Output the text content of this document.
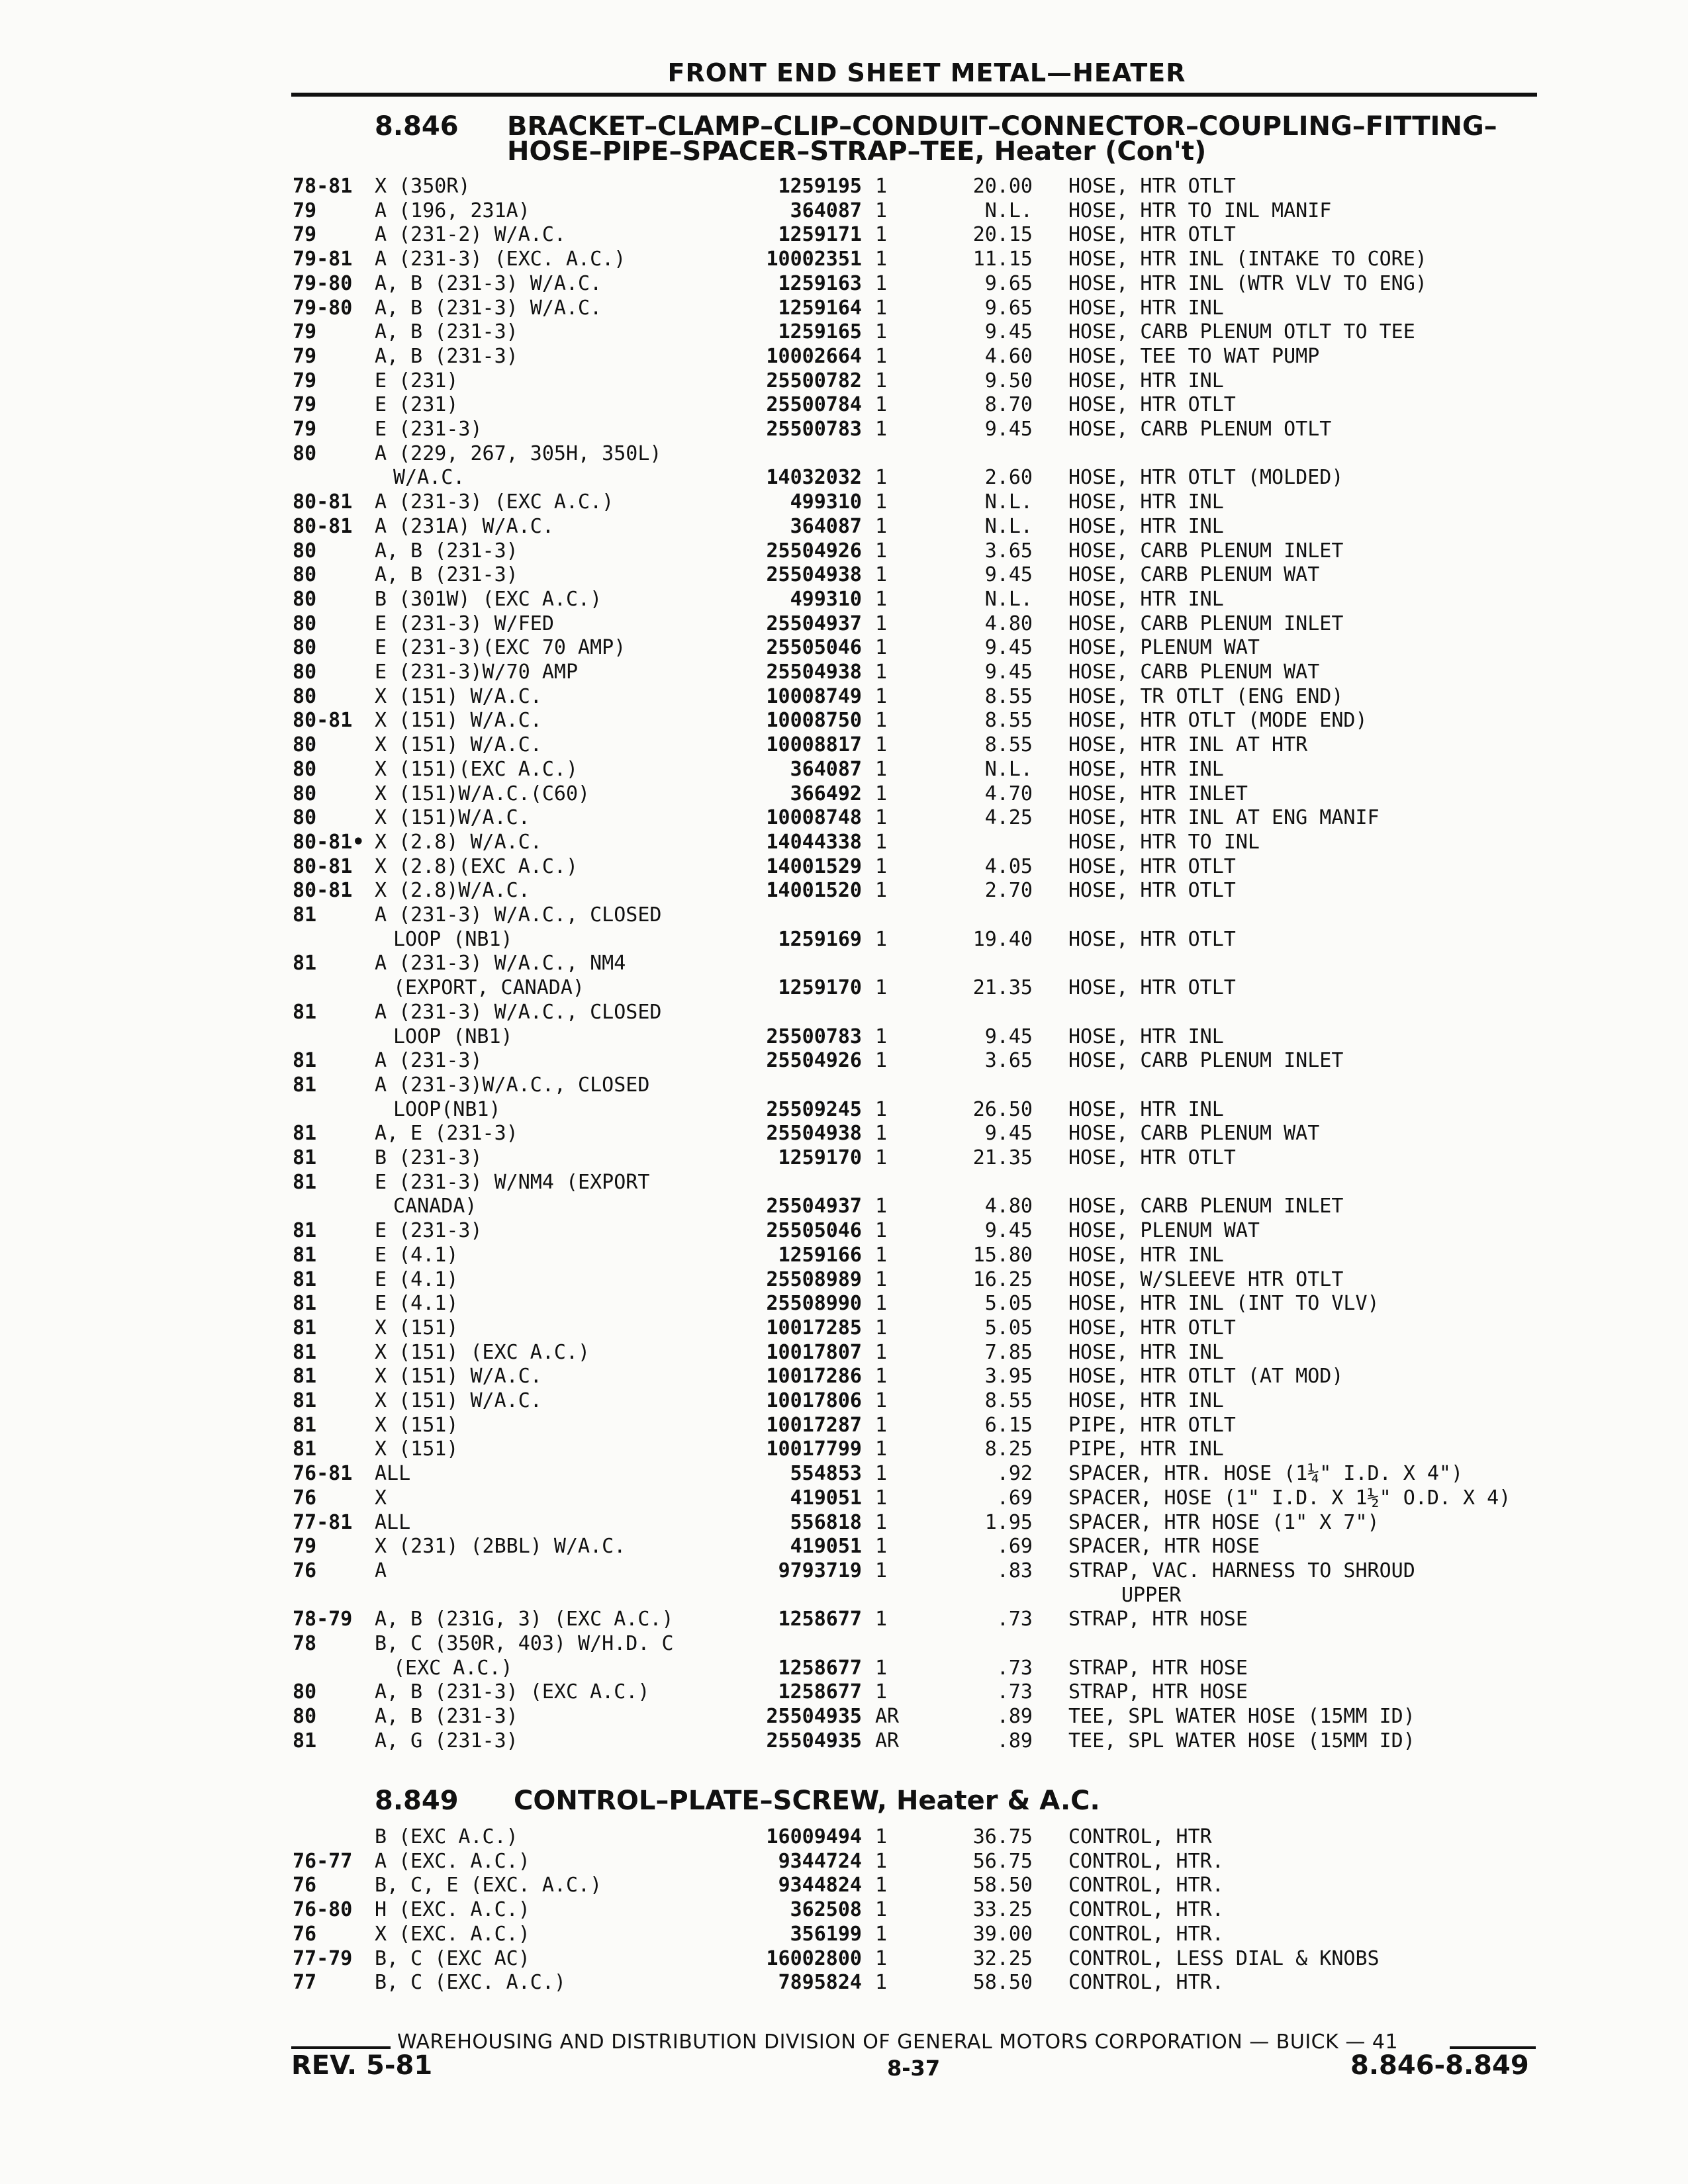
FRONT END SHEET METAL—HEATER
8.846 BRACKET–CLAMP–CLIP–CONDUIT–CONNECTOR–COUPLING–FITTING–
HOSE–PIPE–SPACER–STRAP–TEE, Heater (Con't)
78-81 X (350R)	1259195 1	20.00 HOSE, HTR OTLT
79	A (196, 231A)	364087 1	N.L. HOSE, HTR TO INL MANIF
79	A (231-2) W/A.C.	1259171 1	20.15 HOSE, HTR OTLT
79-81 A (231-3) (EXC. A.C.)	10002351 1	11.15 HOSE, HTR INL (INTAKE TO CORE)
79-80 A, B (231-3) W/A.C.	1259163 1	9.65 HOSE, HTR INL (WTR VLV TO ENG)
79-80 A, B (231-3) W/A.C.	1259164 1	9.65 HOSE, HTR INL
79	A, B (231-3)	1259165 1	9.45 HOSE, CARB PLENUM OTLT TO TEE
79	A, B (231-3)	10002664 1	4.60 HOSE, TEE TO WAT PUMP
79	E (231)	25500782 1	9.50 HOSE, HTR INL
79	E (231)	25500784 1	8.70 HOSE, HTR OTLT
79	E (231-3)	25500783 1	9.45 HOSE, CARB PLENUM OTLT
80	A (229, 267, 305H, 350L)
W/A.C.	14032032 1	2.60 HOSE, HTR OTLT (MOLDED)
80-81 A (231-3) (EXC A.C.)	499310 1	N.L. HOSE, HTR INL
80-81 A (231A) W/A.C.	364087 1	N.L. HOSE, HTR INL
80	A, B (231-3)	25504926 1	3.65 HOSE, CARB PLENUM INLET
80	A, B (231-3)	25504938 1	9.45 HOSE, CARB PLENUM WAT
80	B (301W) (EXC A.C.)	499310 1	N.L. HOSE, HTR INL
80	E (231-3) W/FED	25504937 1	4.80 HOSE, CARB PLENUM INLET
80	E (231-3)(EXC 70 AMP)	25505046 1	9.45 HOSE, PLENUM WAT
80	E (231-3)W/70 AMP	25504938 1	9.45 HOSE, CARB PLENUM WAT
80	X (151) W/A.C.	10008749 1	8.55 HOSE, TR OTLT (ENG END)
80-81 X (151) W/A.C.	10008750 1	8.55 HOSE, HTR OTLT (MODE END)
80	X (151) W/A.C.	10008817 1	8.55 HOSE, HTR INL AT HTR
80	X (151)(EXC A.C.)	364087 1	N.L. HOSE, HTR INL
80	X (151)W/A.C.(C60)	366492 1	4.70 HOSE, HTR INLET
80	X (151)W/A.C.	10008748 1	4.25 HOSE, HTR INL AT ENG MANIF
80-81• X (2.8) W/A.C.	14044338 1	HOSE, HTR TO INL
80-81 X (2.8)(EXC A.C.)	14001529 1	4.05 HOSE, HTR OTLT
80-81 X (2.8)W/A.C.	14001520 1	2.70 HOSE, HTR OTLT
81	A (231-3) W/A.C., CLOSED
LOOP (NB1)	1259169 1	19.40 HOSE, HTR OTLT
81	A (231-3) W/A.C., NM4
(EXPORT, CANADA)	1259170 1	21.35 HOSE, HTR OTLT
81	A (231-3) W/A.C., CLOSED
LOOP (NB1)	25500783 1	9.45 HOSE, HTR INL
81	A (231-3)	25504926 1	3.65 HOSE, CARB PLENUM INLET
81	A (231-3)W/A.C., CLOSED
LOOP(NB1)	25509245 1	26.50 HOSE, HTR INL
81	A, E (231-3)	25504938 1	9.45 HOSE, CARB PLENUM WAT
81	B (231-3)	1259170 1	21.35 HOSE, HTR OTLT
81	E (231-3) W/NM4 (EXPORT
CANADA)	25504937 1	4.80 HOSE, CARB PLENUM INLET
81	E (231-3)	25505046 1	9.45 HOSE, PLENUM WAT
81	E (4.1)	1259166 1	15.80 HOSE, HTR INL
81	E (4.1)	25508989 1	16.25 HOSE, W/SLEEVE HTR OTLT
81	E (4.1)	25508990 1	5.05 HOSE, HTR INL (INT TO VLV)
81	X (151)	10017285 1	5.05 HOSE, HTR OTLT
81	X (151) (EXC A.C.)	10017807 1	7.85 HOSE, HTR INL
81	X (151) W/A.C.	10017286 1	3.95 HOSE, HTR OTLT (AT MOD)
81	X (151) W/A.C.	10017806 1	8.55 HOSE, HTR INL
81	X (151)	10017287 1	6.15 PIPE, HTR OTLT
81	X (151)	10017799 1	8.25 PIPE, HTR INL
76-81 ALL	554853 1	.92 SPACER, HTR. HOSE (1¼" I.D. X 4")
76	X	419051 1	.69 SPACER, HOSE (1" I.D. X 1½" O.D. X 4)
77-81 ALL	556818 1	1.95 SPACER, HTR HOSE (1" X 7")
79	X (231) (2BBL) W/A.C.	419051 1	.69 SPACER, HTR HOSE
76	A	9793719 1	.83 STRAP, VAC. HARNESS TO SHROUD
UPPER
78-79 A, B (231G, 3) (EXC A.C.)	1258677 1	.73 STRAP, HTR HOSE
78	B, C (350R, 403) W/H.D. C
(EXC A.C.)	1258677 1	.73 STRAP, HTR HOSE
80	A, B (231-3) (EXC A.C.)	1258677 1	.73 STRAP, HTR HOSE
80	A, B (231-3)	25504935 AR	.89 TEE, SPL WATER HOSE (15MM ID)
81	A, G (231-3)	25504935 AR	.89 TEE, SPL WATER HOSE (15MM ID)
8.849 CONTROL–PLATE–SCREW, Heater & A.C.
B (EXC A.C.)	16009494 1	36.75 CONTROL, HTR
76-77 A (EXC. A.C.)	9344724 1	56.75 CONTROL, HTR.
76	B, C, E (EXC. A.C.)	9344824 1	58.50 CONTROL, HTR.
76-80 H (EXC. A.C.)	362508 1	33.25 CONTROL, HTR.
76	X (EXC. A.C.)	356199 1	39.00 CONTROL, HTR.
77-79 B, C (EXC AC)	16002800 1	32.25 CONTROL, LESS DIAL & KNOBS
77	B, C (EXC. A.C.)	7895824 1	58.50 CONTROL, HTR.
WAREHOUSING AND DISTRIBUTION DIVISION OF GENERAL MOTORS CORPORATION — BUICK — 41
REV. 5-81	8-37	8.846-8.849
